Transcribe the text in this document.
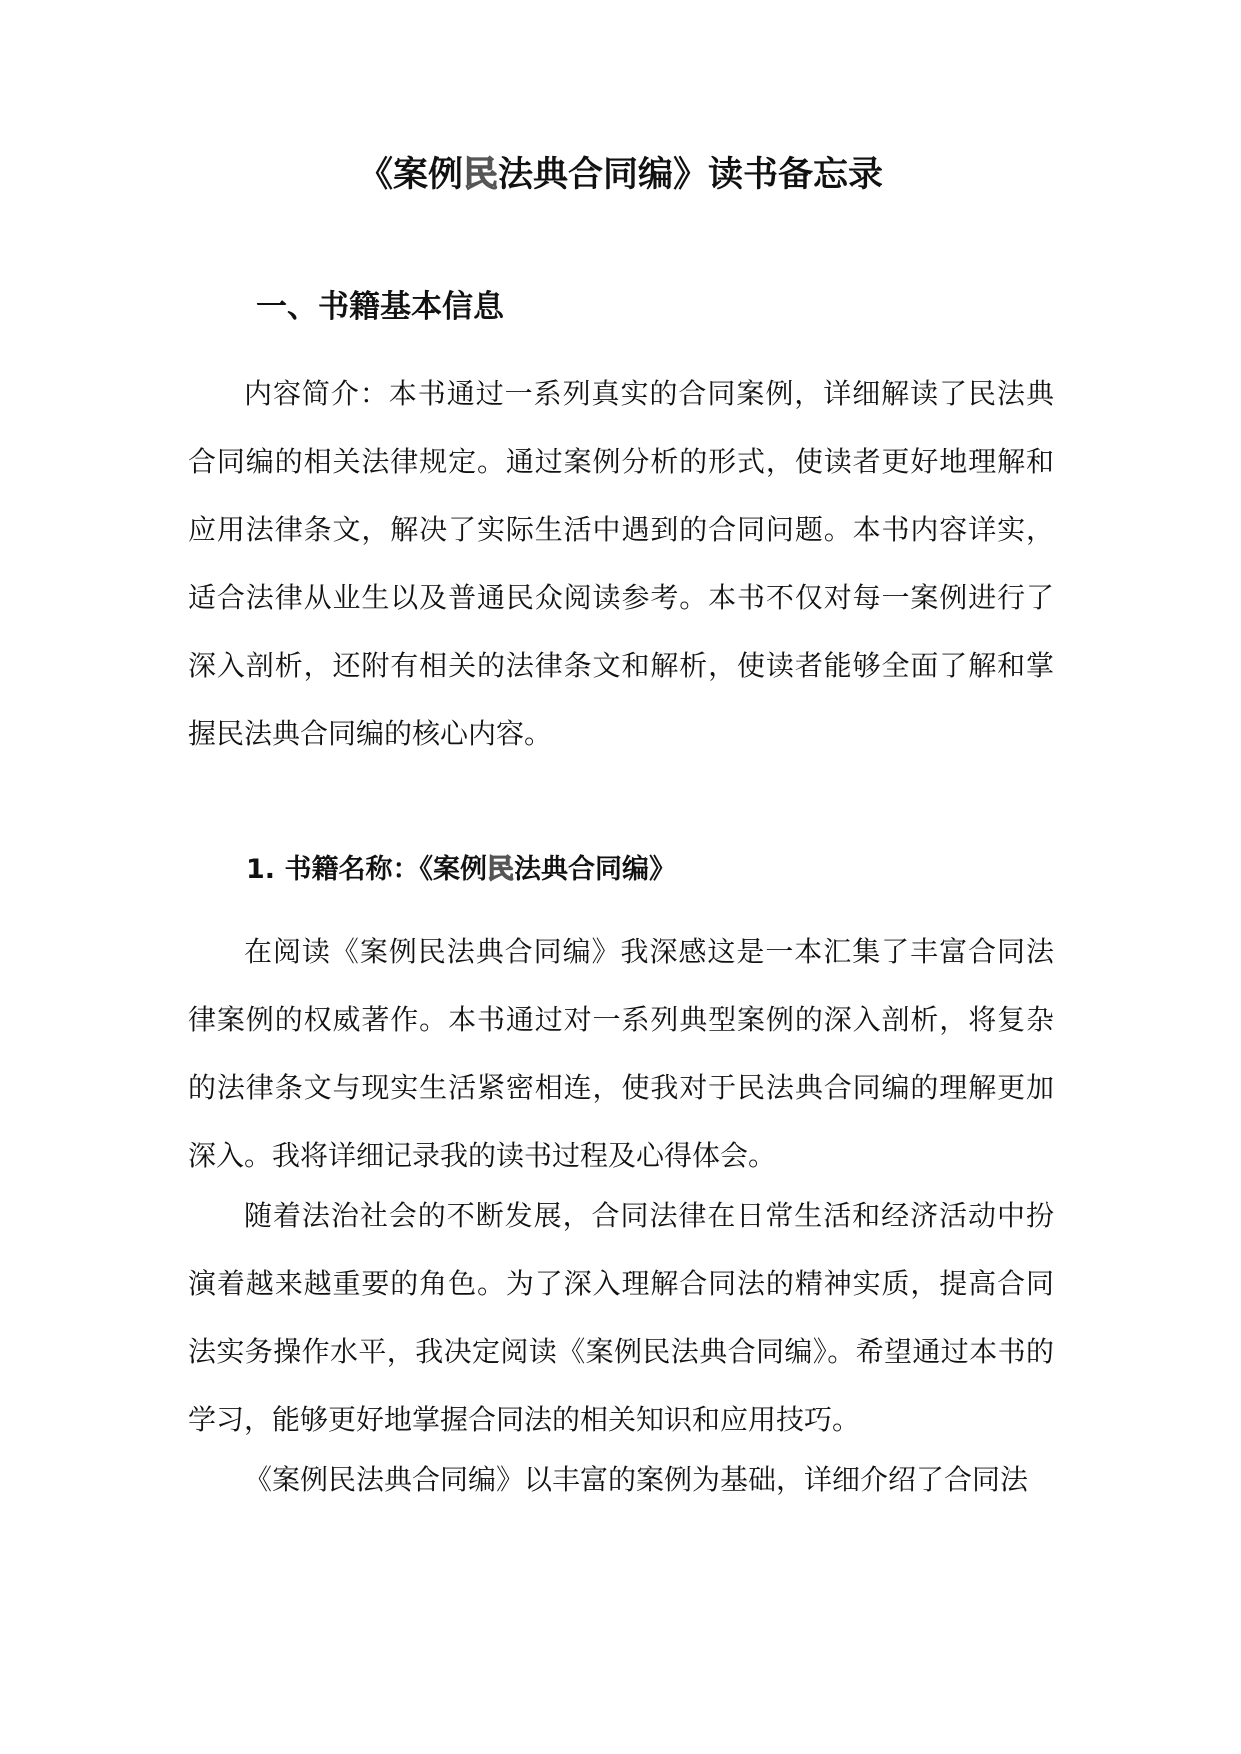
《案例民法典合同编》读书备忘录
一、书籍基本信息

内容简介：本书通过一系列真实的合同案例，详细解读了民法典合同编的相关法律规定。通过案例分析的形式，使读者更好地理解和应用法律条文，解决了实际生活中遇到的合同问题。本书内容详实，适合法律从业生以及普通民众阅读参考。本书不仅对每一案例进行了深入剖析，还附有相关的法律条文和解析，使读者能够全面了解和掌握民法典合同编的核心内容。

1. 书籍名称：《案例民法典合同编》

在阅读《案例民法典合同编》我深感这是一本汇集了丰富合同法律案例的权威著作。本书通过对一系列典型案例的深入剖析，将复杂的法律条文与现实生活紧密相连，使我对于民法典合同编的理解更加深入。我将详细记录我的读书过程及心得体会。

随着法治社会的不断发展，合同法律在日常生活和经济活动中扮演着越来越重要的角色。为了深入理解合同法的精神实质，提高合同法实务操作水平，我决定阅读《案例民法典合同编》。希望通过本书的学习，能够更好地掌握合同法的相关知识和应用技巧。

《案例民法典合同编》以丰富的案例为基础，详细介绍了合同法
